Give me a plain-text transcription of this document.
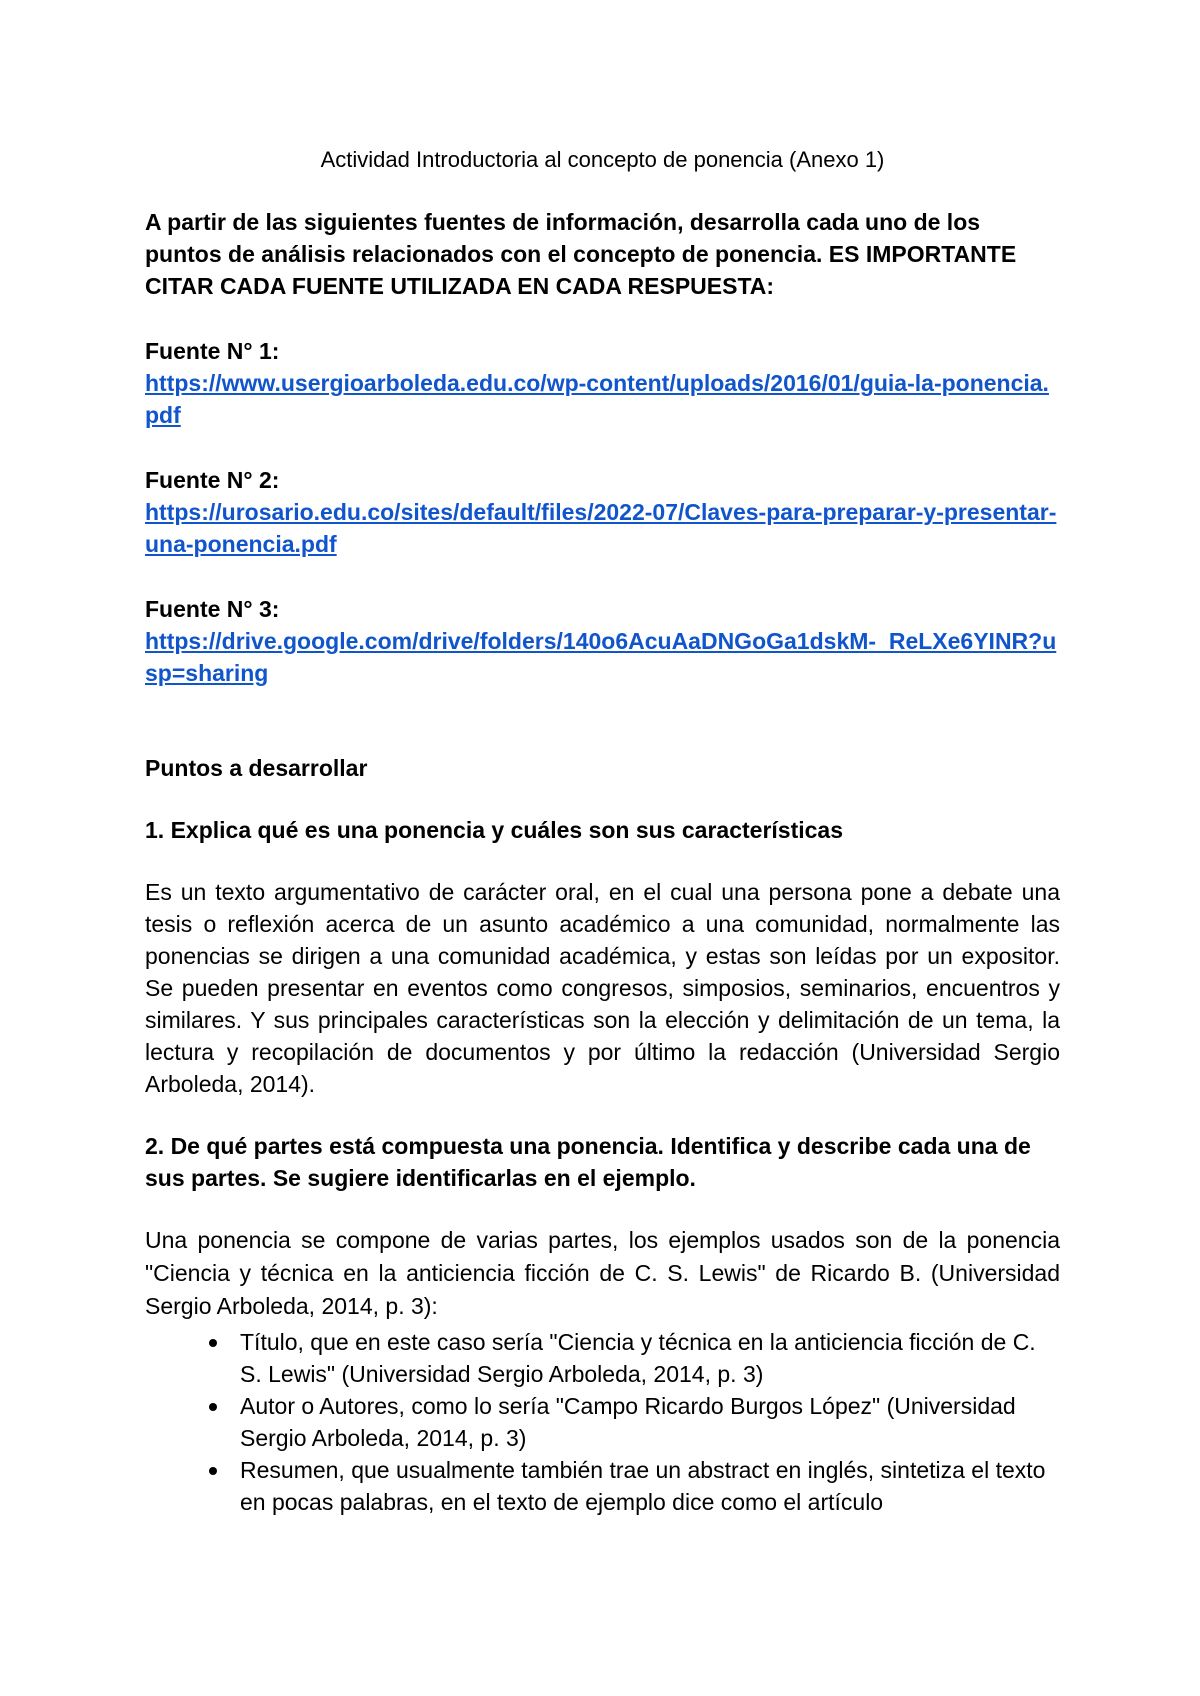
Actividad Introductoria al concepto de ponencia (Anexo 1)
A partir de las siguientes fuentes de información, desarrolla cada uno de los puntos de análisis relacionados con el concepto de ponencia. ES IMPORTANTE CITAR CADA FUENTE UTILIZADA EN CADA RESPUESTA:
Fuente N° 1:
https://www.usergioarboleda.edu.co/wp-content/uploads/2016/01/guia-la-ponencia.pdf
Fuente N° 2:
https://urosario.edu.co/sites/default/files/2022-07/Claves-para-preparar-y-presentar-una-ponencia.pdf
Fuente N° 3:
https://drive.google.com/drive/folders/140o6AcuAaDNGoGa1dskM-_ReLXe6YINR?usp=sharing
Puntos a desarrollar
1. Explica qué es una ponencia y cuáles son sus características
Es un texto argumentativo de carácter oral, en el cual una persona pone a debate una tesis o reflexión acerca de un asunto académico a una comunidad, normalmente las ponencias se dirigen a una comunidad académica, y estas son leídas por un expositor. Se pueden presentar en eventos como congresos, simposios, seminarios, encuentros y similares. Y sus principales características son la elección y delimitación de un tema, la lectura y recopilación de documentos y por último la redacción (Universidad Sergio Arboleda, 2014).
2. De qué partes está compuesta una ponencia. Identifica y describe cada una de sus partes. Se sugiere identificarlas en el ejemplo.
Una ponencia se compone de varias partes, los ejemplos usados son de la ponencia "Ciencia y técnica en la anticiencia ficción de C. S. Lewis" de Ricardo B. (Universidad Sergio Arboleda, 2014, p. 3):
Título, que en este caso sería "Ciencia y técnica en la anticiencia ficción de C. S. Lewis" (Universidad Sergio Arboleda, 2014, p. 3)
Autor o Autores, como lo sería "Campo Ricardo Burgos López" (Universidad Sergio Arboleda, 2014, p. 3)
Resumen, que usualmente también trae un abstract en inglés, sintetiza el texto en pocas palabras, en el texto de ejemplo dice como el artículo
